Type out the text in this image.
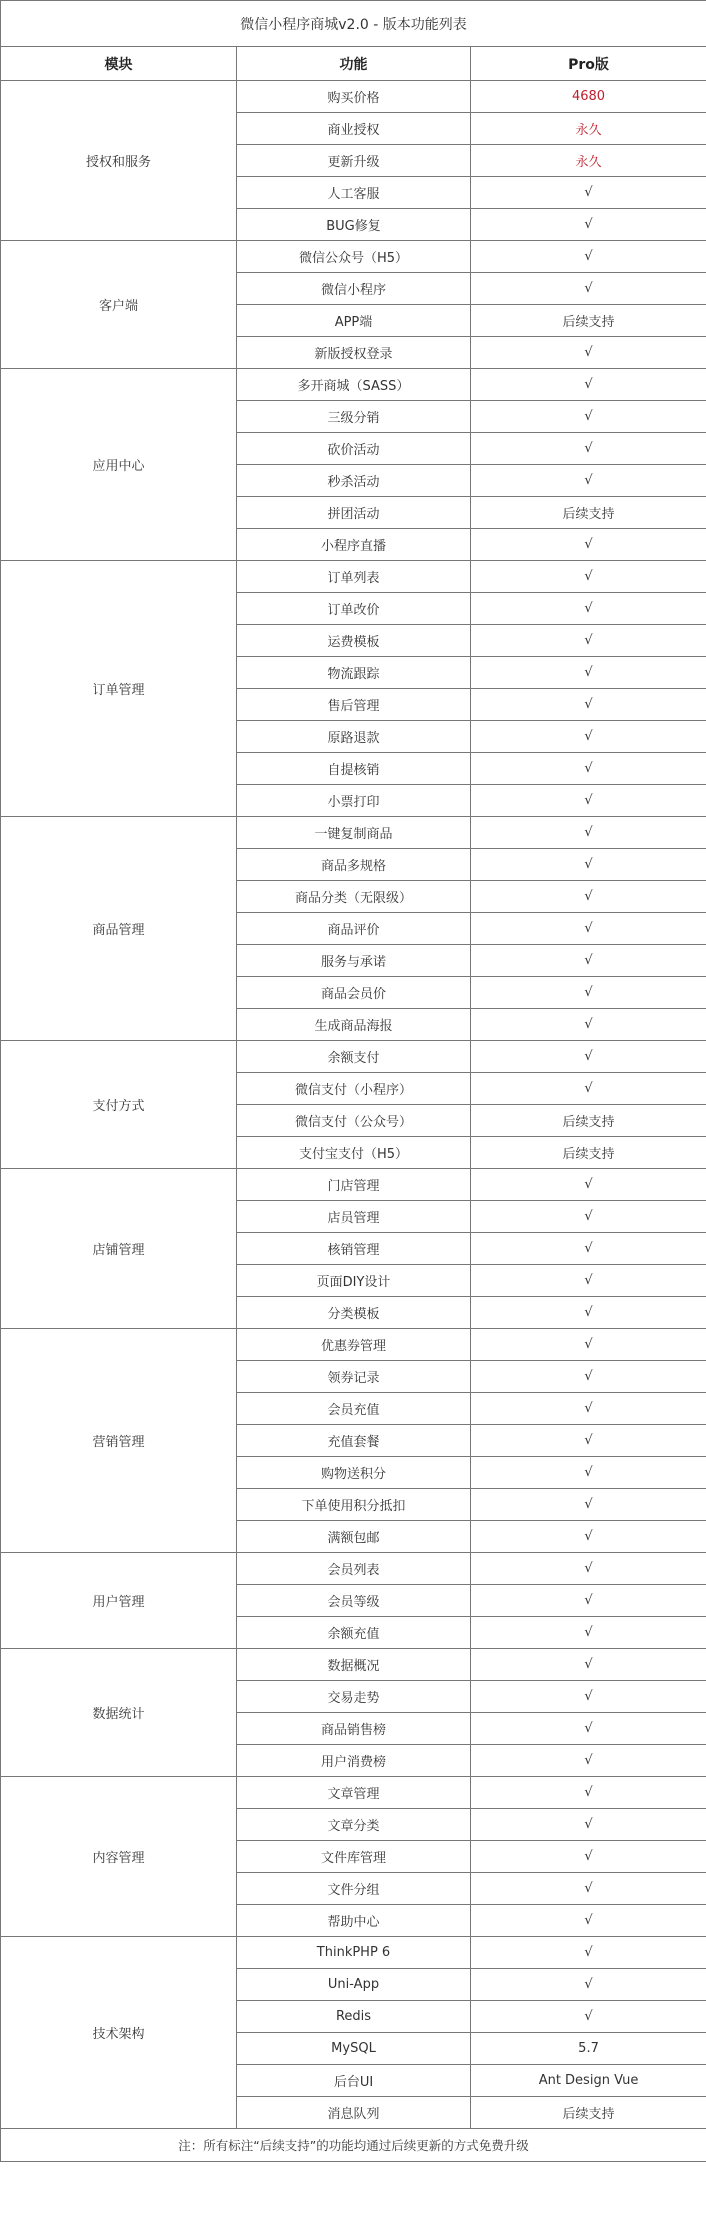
微信小程序商城v2.0 - 版本功能列表		
模块	功能	Pro版
授权和服务	购买价格	4680
	商业授权	永久
	更新升级	永久
	人工客服	√
	BUG修复	√
客户端	微信公众号（H5）	√
	微信小程序	√
	APP端	后续支持
	新版授权登录	√
应用中心	多开商城（SASS）	√
	三级分销	√
	砍价活动	√
	秒杀活动	√
	拼团活动	后续支持
	小程序直播	√
订单管理	订单列表	√
	订单改价	√
	运费模板	√
	物流跟踪	√
	售后管理	√
	原路退款	√
	自提核销	√
	小票打印	√
商品管理	一键复制商品	√
	商品多规格	√
	商品分类（无限级）	√
	商品评价	√
	服务与承诺	√
	商品会员价	√
	生成商品海报	√
支付方式	余额支付	√
	微信支付（小程序）	√
	微信支付（公众号）	后续支持
	支付宝支付（H5）	后续支持
店铺管理	门店管理	√
	店员管理	√
	核销管理	√
	页面DIY设计	√
	分类模板	√
营销管理	优惠券管理	√
	领券记录	√
	会员充值	√
	充值套餐	√
	购物送积分	√
	下单使用积分抵扣	√
	满额包邮	√
用户管理	会员列表	√
	会员等级	√
	余额充值	√
数据统计	数据概况	√
	交易走势	√
	商品销售榜	√
	用户消费榜	√
内容管理	文章管理	√
	文章分类	√
	文件库管理	√
	文件分组	√
	帮助中心	√
技术架构	ThinkPHP 6	√
	Uni-App	√
	Redis	√
	MySQL	5.7
	后台UI	Ant Design Vue
	消息队列	后续支持
注：所有标注“后续支持”的功能均通过后续更新的方式免费升级		
